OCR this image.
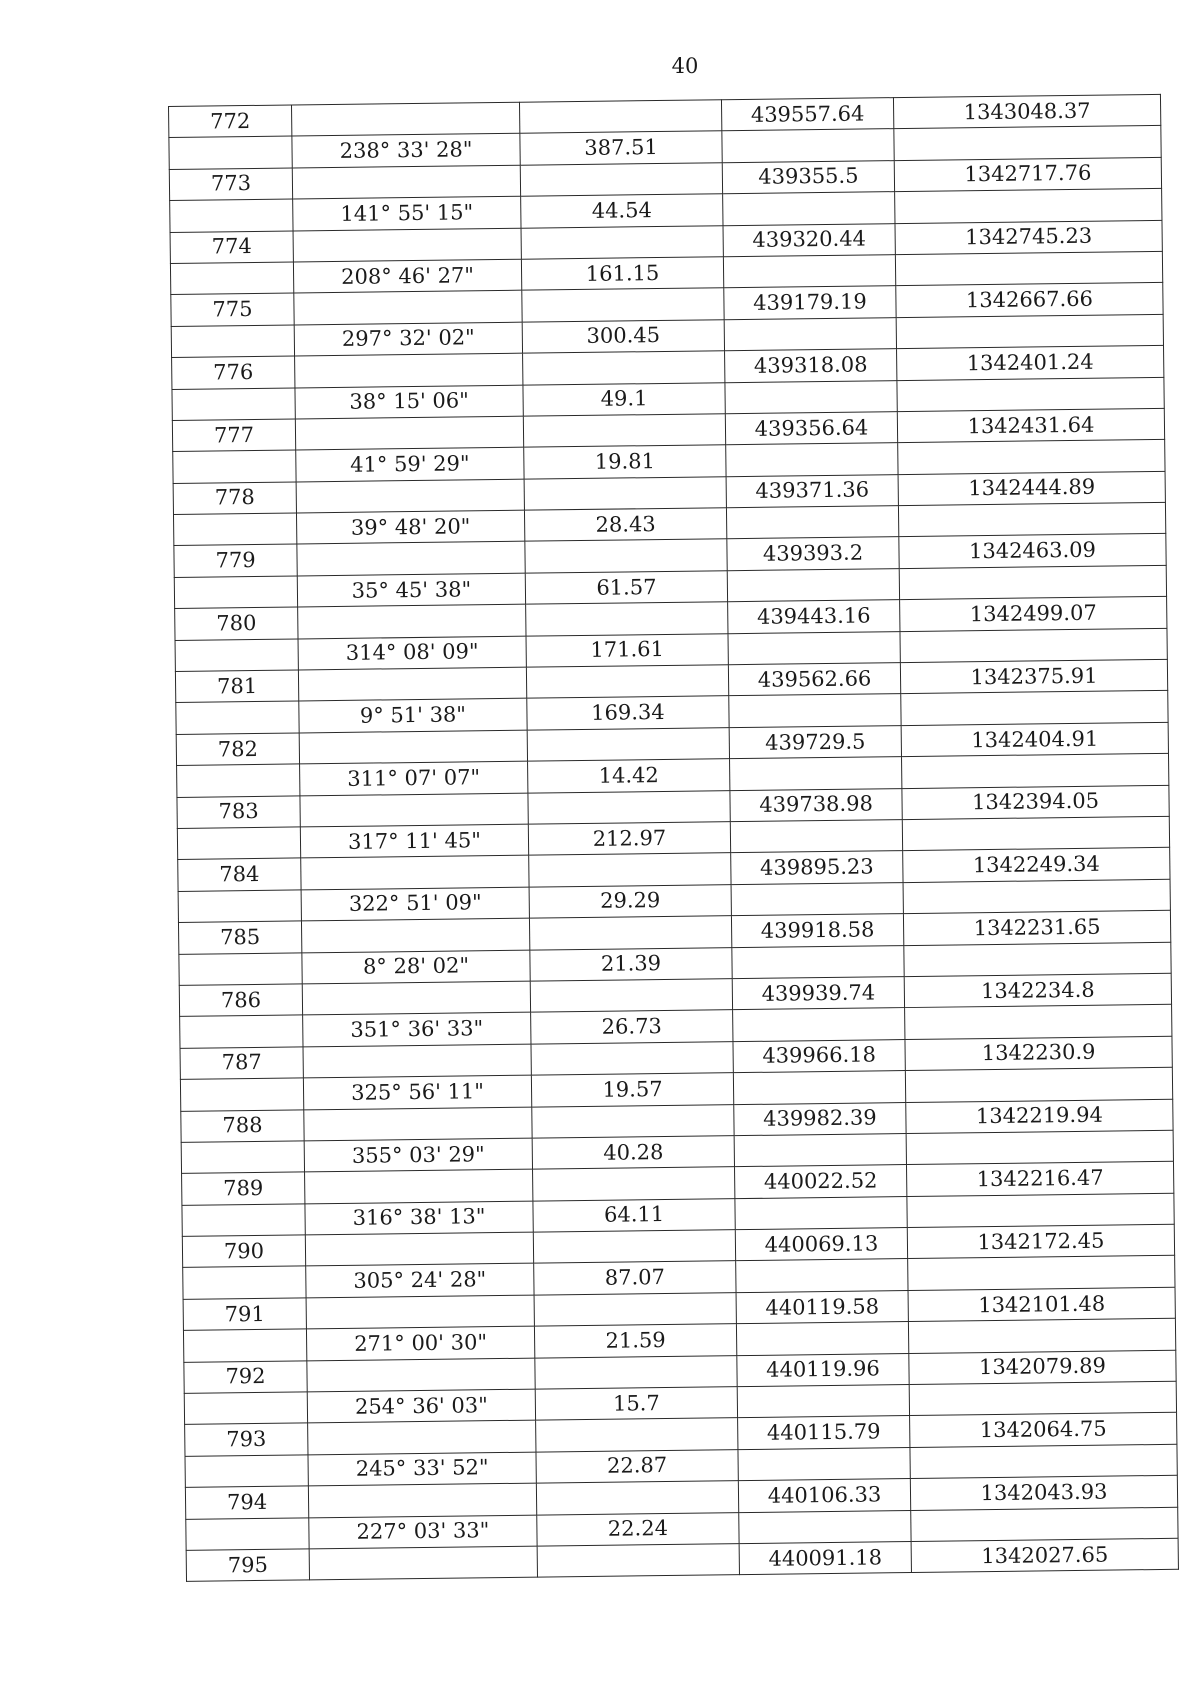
40
772			439557.64	1343048.37
	238° 33' 28"	387.51		
773			439355.5	1342717.76
	141° 55' 15"	44.54		
774			439320.44	1342745.23
	208° 46' 27"	161.15		
775			439179.19	1342667.66
	297° 32' 02"	300.45		
776			439318.08	1342401.24
	38° 15' 06"	49.1		
777			439356.64	1342431.64
	41° 59' 29"	19.81		
778			439371.36	1342444.89
	39° 48' 20"	28.43		
779			439393.2	1342463.09
	35° 45' 38"	61.57		
780			439443.16	1342499.07
	314° 08' 09"	171.61		
781			439562.66	1342375.91
	9° 51' 38"	169.34		
782			439729.5	1342404.91
	311° 07' 07"	14.42		
783			439738.98	1342394.05
	317° 11' 45"	212.97		
784			439895.23	1342249.34
	322° 51' 09"	29.29		
785			439918.58	1342231.65
	8° 28' 02"	21.39		
786			439939.74	1342234.8
	351° 36' 33"	26.73		
787			439966.18	1342230.9
	325° 56' 11"	19.57		
788			439982.39	1342219.94
	355° 03' 29"	40.28		
789			440022.52	1342216.47
	316° 38' 13"	64.11		
790			440069.13	1342172.45
	305° 24' 28"	87.07		
791			440119.58	1342101.48
	271° 00' 30"	21.59		
792			440119.96	1342079.89
	254° 36' 03"	15.7		
793			440115.79	1342064.75
	245° 33' 52"	22.87		
794			440106.33	1342043.93
	227° 03' 33"	22.24		
795			440091.18	1342027.65
